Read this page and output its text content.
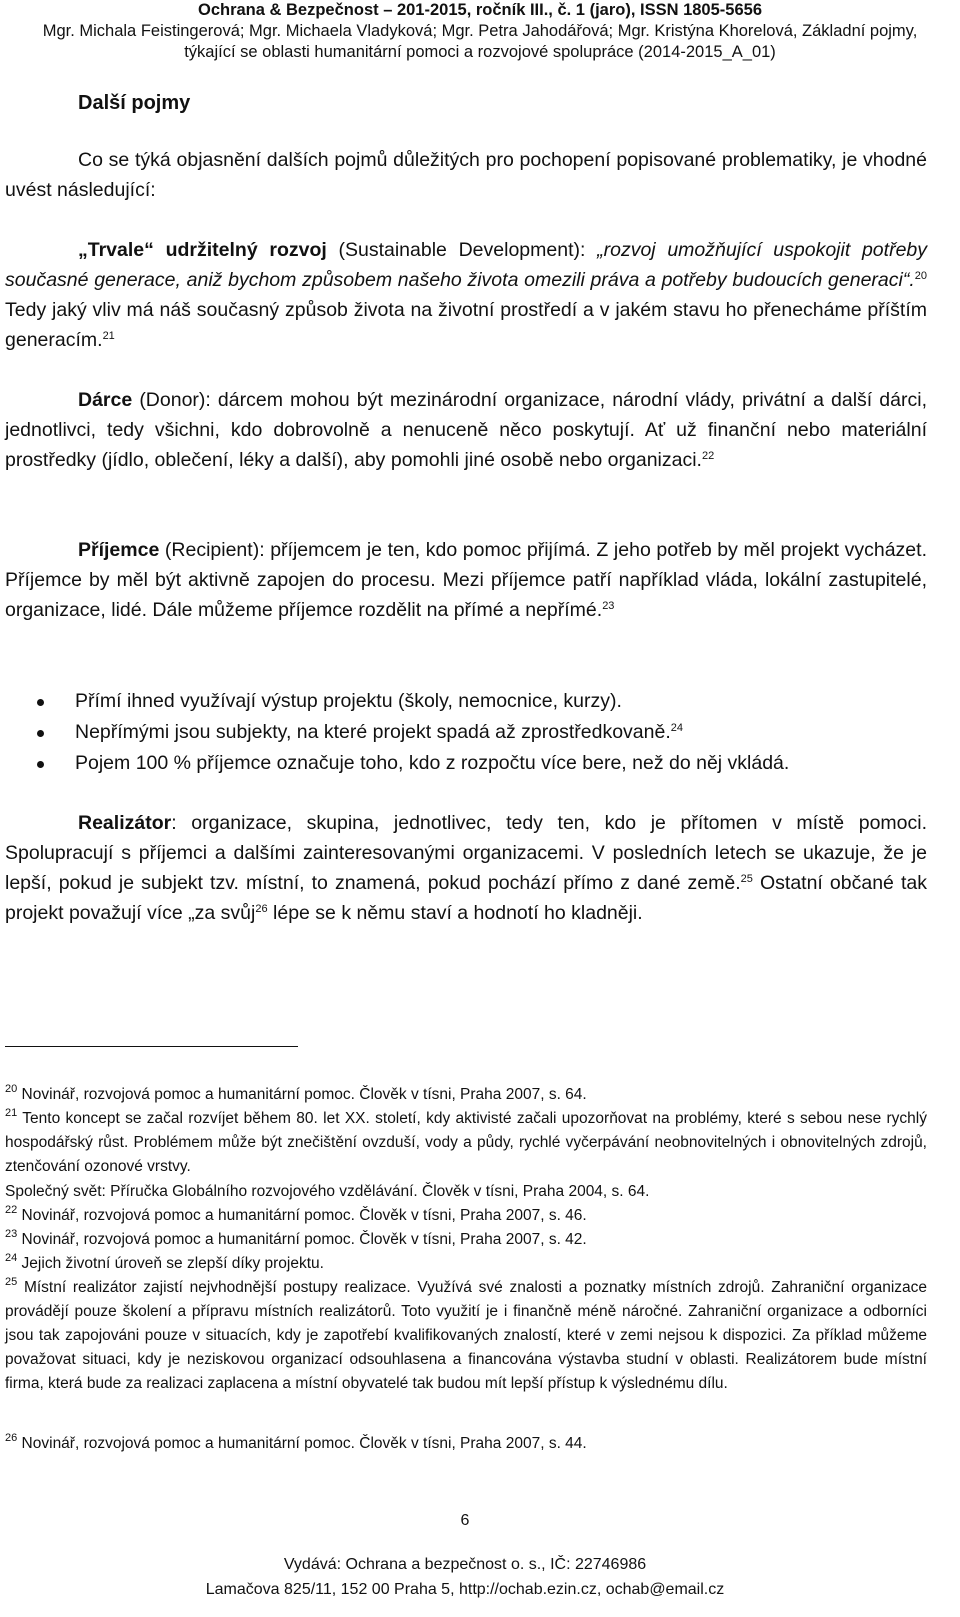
Ochrana & Bezpečnost – 201-2015, ročník III., č. 1 (jaro), ISSN 1805-5656
Mgr. Michala Feistingerová; Mgr. Michaela Vladyková; Mgr. Petra Jahodářová; Mgr. Kristýna Khorelová, Základní pojmy,
týkající se oblasti humanitární pomoci a rozvojové spolupráce (2014-2015_A_01)
Další pojmy
Co se týká objasnění dalších pojmů důležitých pro pochopení popisované problematiky, je vhodné uvést následující:
„Trvale“ udržitelný rozvoj (Sustainable Development): „rozvoj umožňující uspokojit potřeby současné generace, aniž bychom způsobem našeho života omezili práva a potřeby budoucích generaci“.$^{20}$ Tedy jaký vliv má náš současný způsob života na životní prostředí a v jakém stavu ho přenecháme příštím generacím.$^{21}$
Dárce (Donor): dárcem mohou být mezinárodní organizace, národní vlády, privátní a další dárci, jednotlivci, tedy všichni, kdo dobrovolně a nenuceně něco poskytují. Ať už finanční nebo materiální prostředky (jídlo, oblečení, léky a další), aby pomohli jiné osobě nebo organizaci.$^{22}$
Příjemce (Recipient): příjemcem je ten, kdo pomoc přijímá. Z jeho potřeb by měl projekt vycházet. Příjemce by měl být aktivně zapojen do procesu. Mezi příjemce patří například vláda, lokální zastupitelé, organizace, lidé. Dále můžeme příjemce rozdělit na přímé a nepřímé.$^{23}$
Přímí ihned využívají výstup projektu (školy, nemocnice, kurzy).
Nepřímými jsou subjekty, na které projekt spadá až zprostředkovaně.$^{24}$
Pojem 100 % příjemce označuje toho, kdo z rozpočtu více bere, než do něj vkládá.
Realizátor: organizace, skupina, jednotlivec, tedy ten, kdo je přítomen v místě pomoci. Spolupracují s příjemci a dalšími zainteresovanými organizacemi. V posledních letech se ukazuje, že je lepší, pokud je subjekt tzv. místní, to znamená, pokud pochází přímo z dané země.$^{25}$ Ostatní občané tak projekt považují více „za svůj$^{26}$ lépe se k němu staví a hodnotí ho kladněji.
$^{20}$ Novinář, rozvojová pomoc a humanitární pomoc. Člověk v tísni, Praha 2007, s. 64.
$^{21}$ Tento koncept se začal rozvíjet během 80. let XX. století, kdy aktivisté začali upozorňovat na problémy, které s sebou nese rychlý hospodářský růst. Problémem může být znečištění ovzduší, vody a půdy, rychlé vyčerpávání neobnovitelných i obnovitelných zdrojů, ztenčování ozonové vrstvy.
Společný svět: Příručka Globálního rozvojového vzdělávání. Člověk v tísni, Praha 2004, s. 64.
$^{22}$ Novinář, rozvojová pomoc a humanitární pomoc. Člověk v tísni, Praha 2007, s. 46.
$^{23}$ Novinář, rozvojová pomoc a humanitární pomoc. Člověk v tísni, Praha 2007, s. 42.
$^{24}$ Jejich životní úroveň se zlepší díky projektu.
$^{25}$ Místní realizátor zajistí nejvhodnější postupy realizace. Využívá své znalosti a poznatky místních zdrojů. Zahraniční organizace provádějí pouze školení a přípravu místních realizátorů. Toto využití je i finančně méně náročné. Zahraniční organizace a odborníci jsou tak zapojováni pouze v situacích, kdy je zapotřebí kvalifikovaných znalostí, které v zemi nejsou k dispozici. Za příklad můžeme považovat situaci, kdy je neziskovou organizací odsouhlasena a financována výstavba studní v oblasti. Realizátorem bude místní firma, která bude za realizaci zaplacena a místní obyvatelé tak budou mít lepší přístup k výslednému dílu.
$^{26}$ Novinář, rozvojová pomoc a humanitární pomoc. Člověk v tísni, Praha 2007, s. 44.
6
Vydává: Ochrana a bezpečnost o. s., IČ: 22746986
Lamačova 825/11, 152 00 Praha 5, http://ochab.ezin.cz, ochab@email.cz
